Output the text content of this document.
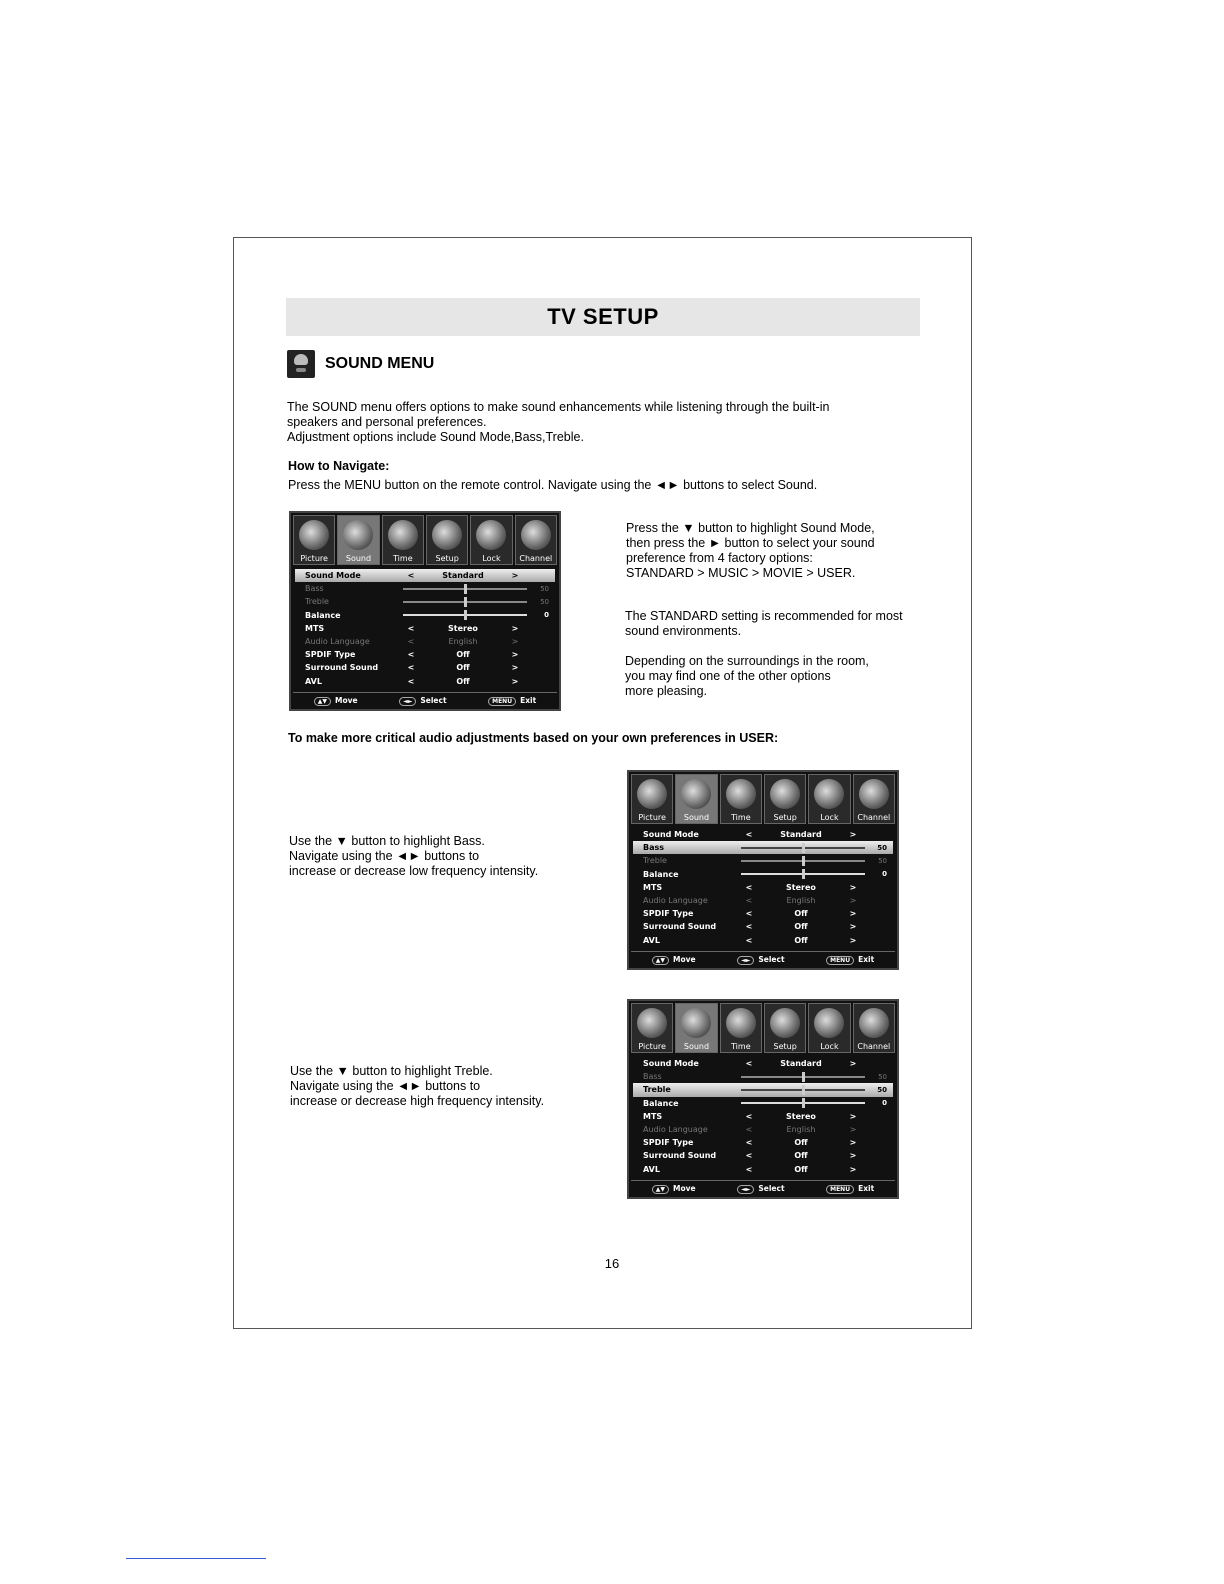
TV SETUP
SOUND MENU

The SOUND menu offers options to make sound enhancements while listening through the built-in
speakers and personal preferences.
Adjustment options include Sound Mode,Bass,Treble.

How to Navigate:

Press the MENU button on the remote control. Navigate using the ◄► buttons to select Sound.

Picture Sound	Time	Setup	Lock Channel
Sound Mode	<	Standard	>
Bass	50
Treble	50
Balance	0
MTS	<	Stereo	>
Audio Language	<	English	>
SPDIF Type	<	Off	>
Surround Sound	<	Off	>
AVL	<	Off	>
▲▼ Move	◄► Select	MENU Exit

Press the ▼ button to highlight Sound Mode,
then press the ► button to select your sound
preference from 4 factory options:
STANDARD > MUSIC > MOVIE > USER.

The STANDARD setting is recommended for most
sound environments.

Depending on the surroundings in the room,
you may find one of the other options
more pleasing.

To make more critical audio adjustments based on your own preferences in USER:

Use the ▼ button to highlight Bass.
Navigate using the ◄► buttons to
increase or decrease low frequency intensity.

Picture Sound	Time	Setup	Lock Channel
Sound Mode	<	Standard	>
Bass	50
Treble	50
Balance	0
MTS	<	Stereo	>
Audio Language	<	English	>
SPDIF Type	<	Off	>
Surround Sound	<	Off	>
AVL	<	Off	>
▲▼ Move	◄► Select	MENU Exit

Use the ▼ button to highlight Treble.
Navigate using the ◄► buttons to
increase or decrease high frequency intensity.

Picture Sound	Time	Setup	Lock Channel
Sound Mode	<	Standard	>
Bass	50
Treble	50
Balance	0
MTS	<	Stereo	>
Audio Language	<	English	>
SPDIF Type	<	Off	>
Surround Sound	<	Off	>
AVL	<	Off	>
▲▼ Move	◄► Select	MENU Exit
16
